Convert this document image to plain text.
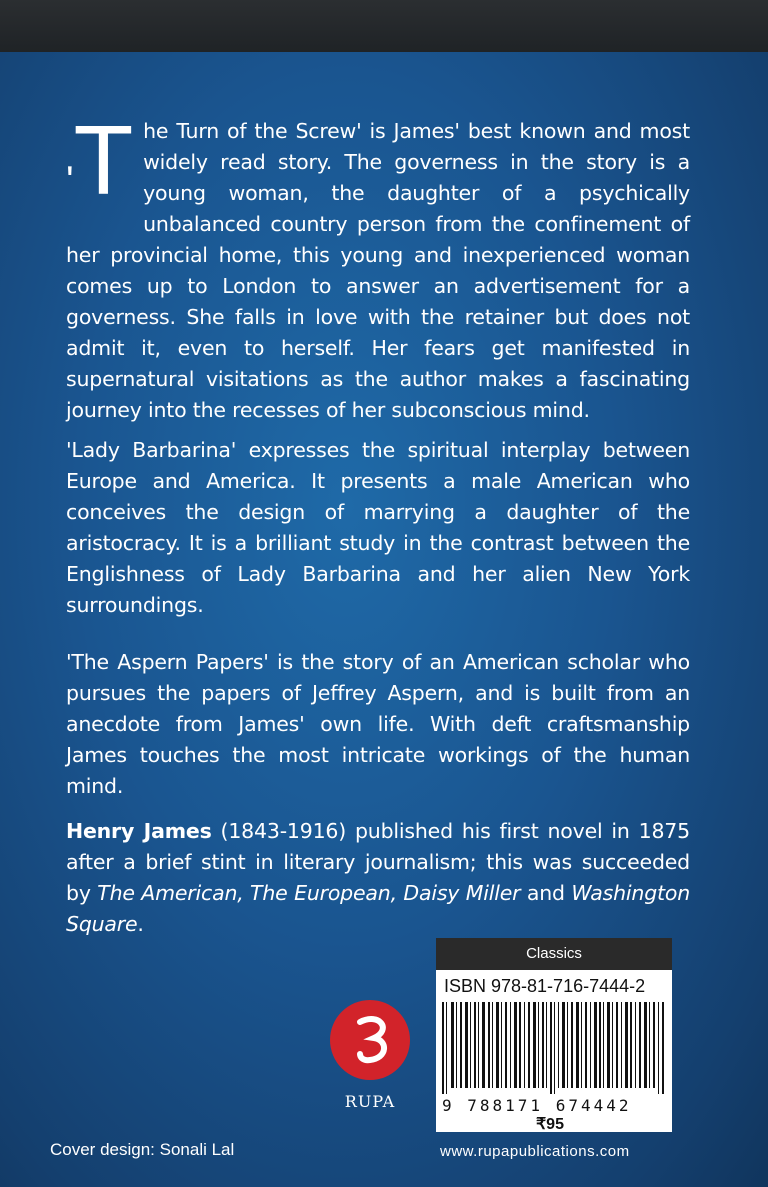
'T he Turn of the Screw' is James' best known and most widely read story. The governess in the story is a young woman, the daughter of a psychically unbalanced country person from the confinement of her provincial home, this young and inexperienced woman comes up to London to answer an advertisement for a governess. She falls in love with the retainer but does not admit it, even to herself. Her fears get manifested in supernatural visitations as the author makes a fascinating journey into the recesses of her subconscious mind.
'Lady Barbarina' expresses the spiritual interplay between Europe and America. It presents a male American who conceives the design of marrying a daughter of the aristocracy. It is a brilliant study in the contrast between the Englishness of Lady Barbarina and her alien New York surroundings.
'The Aspern Papers' is the story of an American scholar who pursues the papers of Jeffrey Aspern, and is built from an anecdote from James' own life. With deft craftsmanship James touches the most intricate workings of the human mind.
Henry James (1843-1916) published his first novel in 1875 after a brief stint in literary journalism; this was succeeded by The American, The European, Daisy Miller and Washington Square.
RUPA
Classics
ISBN 978-81-716-7444-2
9 788171 674442
₹95
Cover design: Sonali Lal	www.rupapublications.com
